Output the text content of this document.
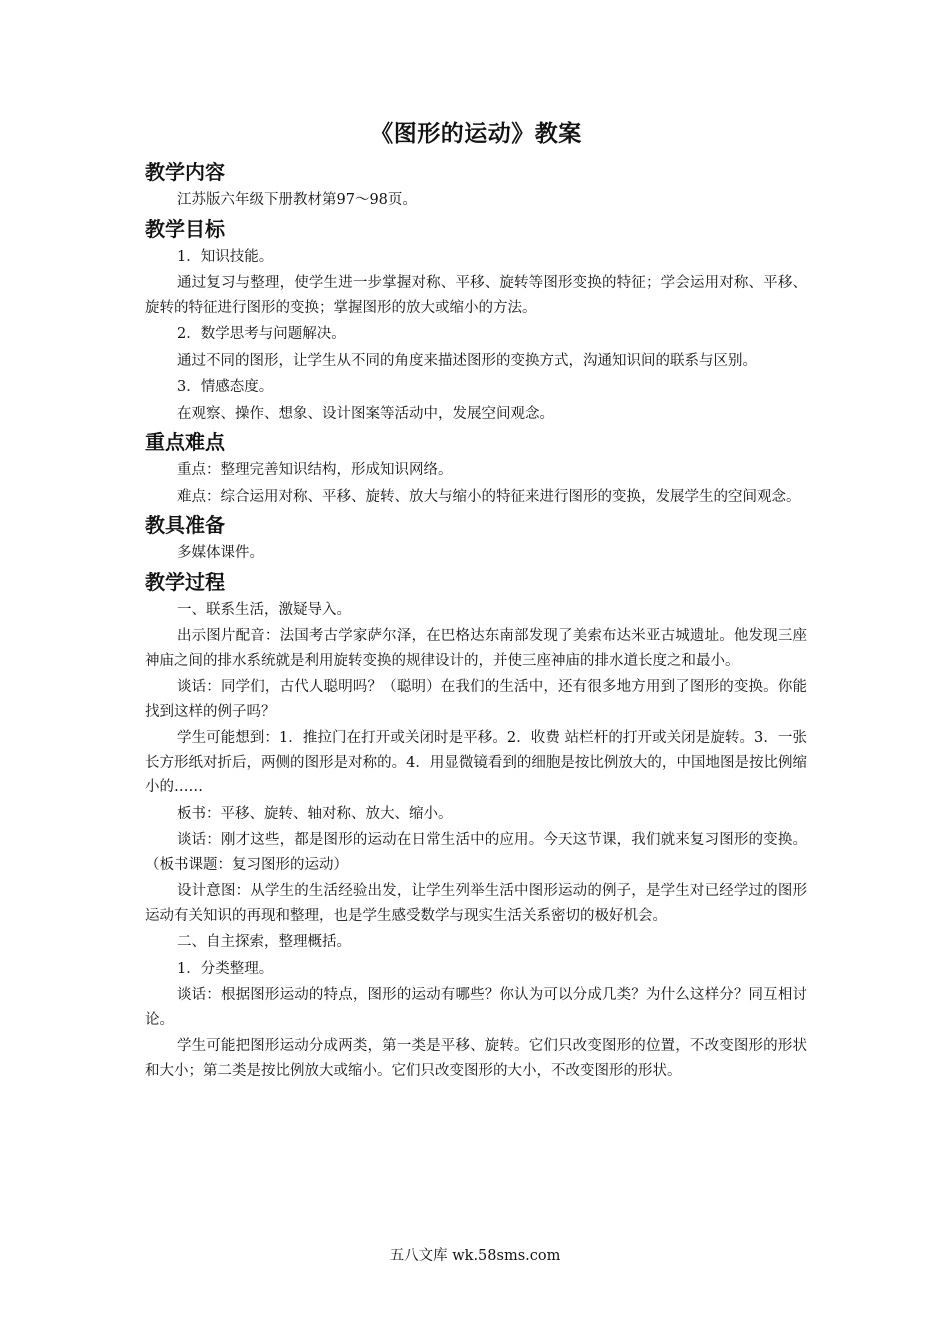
《图形的运动》教案
教学内容

江苏版六年级下册教材第97～98页。

教学目标

1．知识技能。

通过复习与整理，使学生进一步掌握对称、平移、旋转等图形变换的特征；学会运用对称、平移、旋转的特征进行图形的变换；掌握图形的放大或缩小的方法。

2．数学思考与问题解决。

通过不同的图形，让学生从不同的角度来描述图形的变换方式，沟通知识间的联系与区别。

3．情感态度。

在观察、操作、想象、设计图案等活动中，发展空间观念。

重点难点

重点：整理完善知识结构，形成知识网络。

难点：综合运用对称、平移、旋转、放大与缩小的特征来进行图形的变换，发展学生的空间观念。

教具准备

多媒体课件。

教学过程

一、联系生活，激疑导入。

出示图片配音：法国考古学家萨尔泽，在巴格达东南部发现了美索布达米亚古城遗址。他发现三座神庙之间的排水系统就是利用旋转变换的规律设计的，并使三座神庙的排水道长度之和最小。

谈话：同学们，古代人聪明吗？（聪明）在我们的生活中，还有很多地方用到了图形的变换。你能找到这样的例子吗？

学生可能想到：1．推拉门在打开或关闭时是平移。2．收费 站栏杆的打开或关闭是旋转。3．一张长方形纸对折后，两侧的图形是对称的。4．用显微镜看到的细胞是按比例放大的，中国地图是按比例缩小的……

板书：平移、旋转、轴对称、放大、缩小。

谈话：刚才这些，都是图形的运动在日常生活中的应用。今天这节课，我们就来复习图形的变换。（板书课题：复习图形的运动）

设计意图：从学生的生活经验出发，让学生列举生活中图形运动的例子，是学生对已经学过的图形运动有关知识的再现和整理，也是学生感受数学与现实生活关系密切的极好机会。

二、自主探索，整理概括。

1．分类整理。

谈话：根据图形运动的特点，图形的运动有哪些？你认为可以分成几类？为什么这样分？同互相讨论。

学生可能把图形运动分成两类，第一类是平移、旋转。它们只改变图形的位置，不改变图形的形状和大小；第二类是按比例放大或缩小。它们只改变图形的大小，不改变图形的形状。

五八文库 wk.58sms.com
